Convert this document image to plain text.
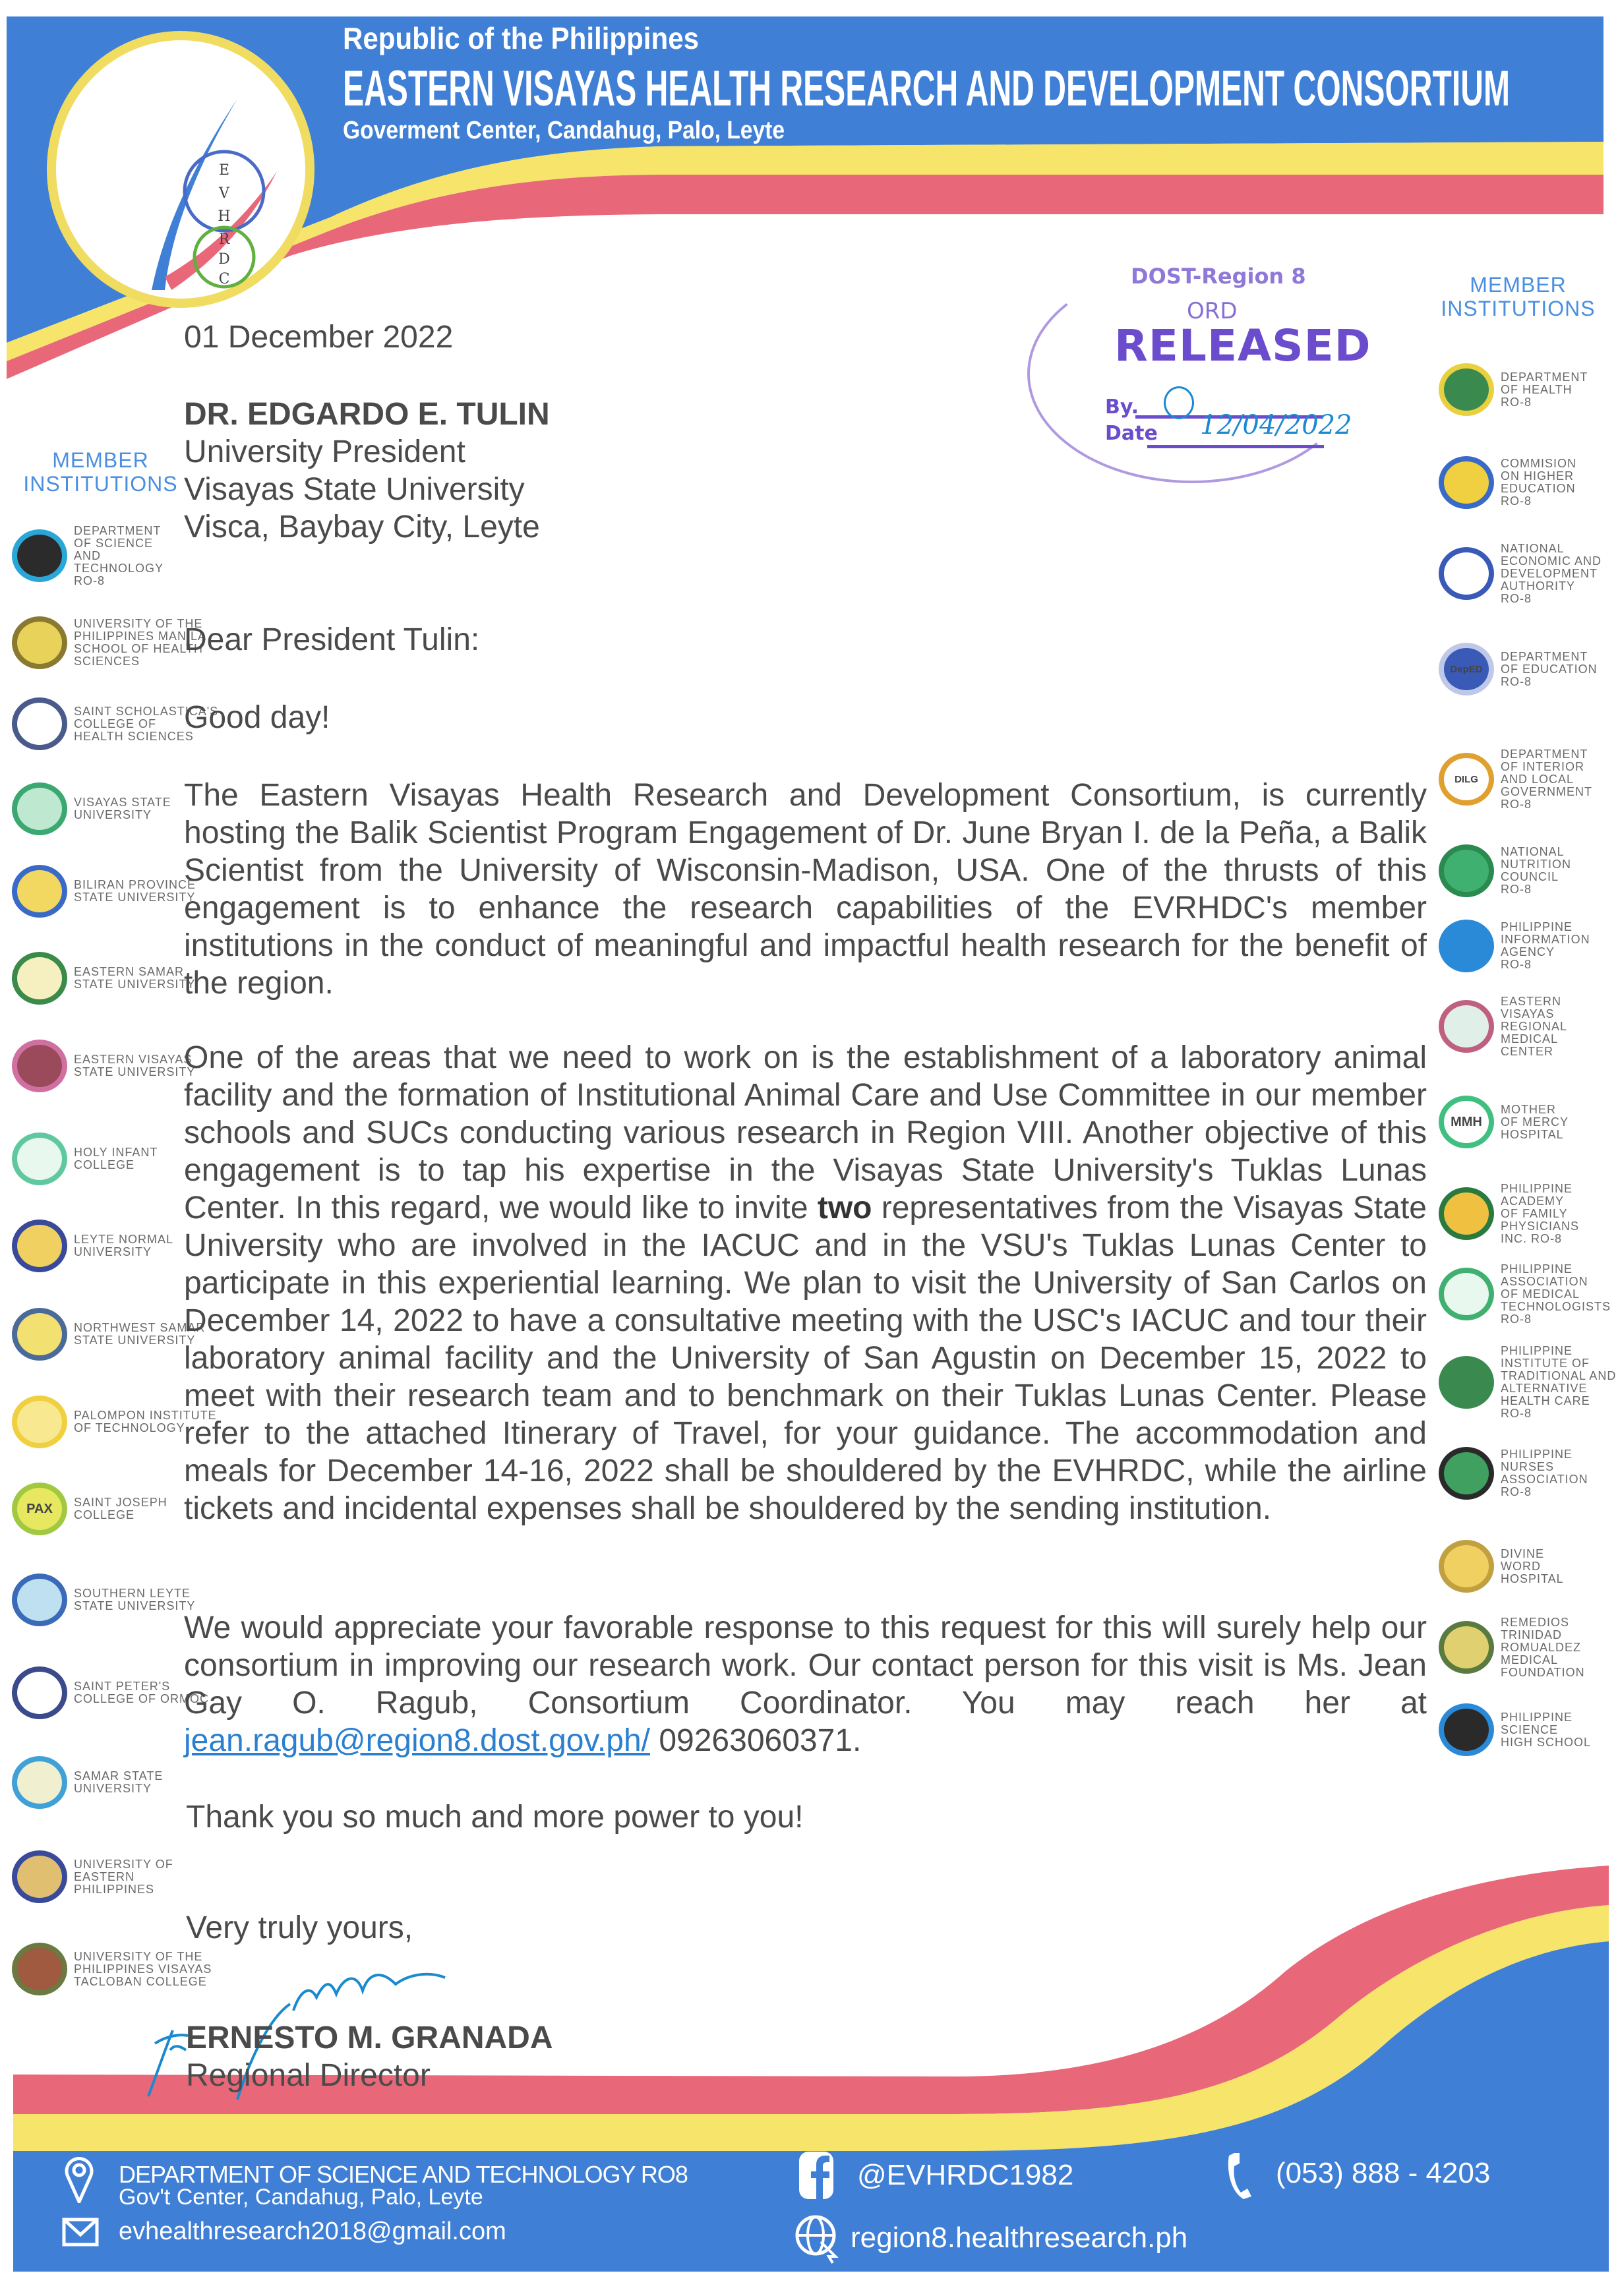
E
V
H
R
D
C
Republic of the Philippines
EASTERN VISAYAS HEALTH RESEARCH AND DEVELOPMENT CONSORTIUM
Goverment Center, Candahug, Palo, Leyte
MEMBER
INSTITUTIONS
DEPARTMENT
OF SCIENCE
AND
TECHNOLOGY
RO-8
UNIVERSITY OF THE
PHILIPPINES MANILA
SCHOOL OF HEALTH
SCIENCES
SAINT SCHOLASTICA'S
COLLEGE OF
HEALTH SCIENCES
VISAYAS STATE
UNIVERSITY
BILIRAN PROVINCE
STATE UNIVERSITY
EASTERN SAMAR
STATE UNIVERSITY
EASTERN VISAYAS
STATE UNIVERSITY
HOLY INFANT
COLLEGE
LEYTE NORMAL
UNIVERSITY
NORTHWEST SAMAR
STATE UNIVERSITY
PALOMPON INSTITUTE
OF TECHNOLOGY
PAX SAINT JOSEPH
COLLEGE
SOUTHERN LEYTE
STATE UNIVERSITY
SAINT PETER'S
COLLEGE OF ORMOC
SAMAR STATE
UNIVERSITY
UNIVERSITY OF
EASTERN
PHILIPPINES
UNIVERSITY OF THE
PHILIPPINES VISAYAS
TACLOBAN COLLEGE
MEMBER
INSTITUTIONS
DEPARTMENT
OF HEALTH
RO-8
COMMISION
ON HIGHER
EDUCATION
RO-8
NATIONAL
ECONOMIC AND
DEVELOPMENT
AUTHORITY
RO-8
DepED
DEPARTMENT
OF EDUCATION
RO-8
DILG
DEPARTMENT
OF INTERIOR
AND LOCAL
GOVERNMENT
RO-8
NATIONAL
NUTRITION
COUNCIL
RO-8
PHILIPPINE
INFORMATION
AGENCY
RO-8
EASTERN
VISAYAS
REGIONAL
MEDICAL
CENTER
MMH
MOTHER
OF MERCY
HOSPITAL
PHILIPPINE
ACADEMY
OF FAMILY
PHYSICIANS
INC. RO-8
PHILIPPINE
ASSOCIATION
OF MEDICAL
TECHNOLOGISTS
RO-8
PHILIPPINE
INSTITUTE OF
TRADITIONAL AND
ALTERNATIVE
HEALTH CARE
RO-8
PHILIPPINE
NURSES
ASSOCIATION
RO-8
DIVINE
WORD
HOSPITAL
REMEDIOS
TRINIDAD
ROMUALDEZ
MEDICAL
FOUNDATION
PHILIPPINE
SCIENCE
HIGH SCHOOL
DOST-Region 8
ORD
RELEASED
By.
Date 12/04/2022
01 December 2022
DR. EDGARDO E. TULIN
University President
Visayas State University
Visca, Baybay City, Leyte
Dear President Tulin:
Good day!
The Eastern Visayas Health Research and Development Consortium, is currently hosting the Balik Scientist Program Engagement of Dr. June Bryan I. de la Peña, a Balik Scientist from the University of Wisconsin-Madison, USA. One of the thrusts of this engagement is to enhance the research capabilities of the EVRHDC's member institutions in the conduct of meaningful and impactful health research for the benefit of the region.
One of the areas that we need to work on is the establishment of a laboratory animal facility and the formation of Institutional Animal Care and Use Committee in our member schools and SUCs conducting various research in Region VIII. Another objective of this engagement is to tap his expertise in the Visayas State University's Tuklas Lunas Center. In this regard, we would like to invite two representatives from the Visayas State University who are involved in the IACUC and in the VSU's Tuklas Lunas Center to participate in this experiential learning. We plan to visit the University of San Carlos on December 14, 2022 to have a consultative meeting with the USC's IACUC and tour their laboratory animal facility and the University of San Agustin on December 15, 2022 to meet with their research team and to benchmark on their Tuklas Lunas Center. Please refer to the attached Itinerary of Travel, for your guidance. The accommodation and meals for December 14-16, 2022 shall be shouldered by the EVHRDC, while the airline tickets and incidental expenses shall be shouldered by the sending institution.
We would appreciate your favorable response to this request for this will surely help our consortium in improving our research work. Our contact person for this visit is Ms. Jean Gay O. Ragub, Consortium Coordinator. You may reach her at jean.ragub@region8.dost.gov.ph/ 09263060371.
Thank you so much and more power to you!
Very truly yours,
ERNESTO M. GRANADA
Regional Director
DEPARTMENT OF SCIENCE AND TECHNOLOGY RO8
Gov't Center, Candahug, Palo, Leyte
evhealthresearch2018@gmail.com
@EVHRDC1982
region8.healthresearch.ph
(053) 888 - 4203
